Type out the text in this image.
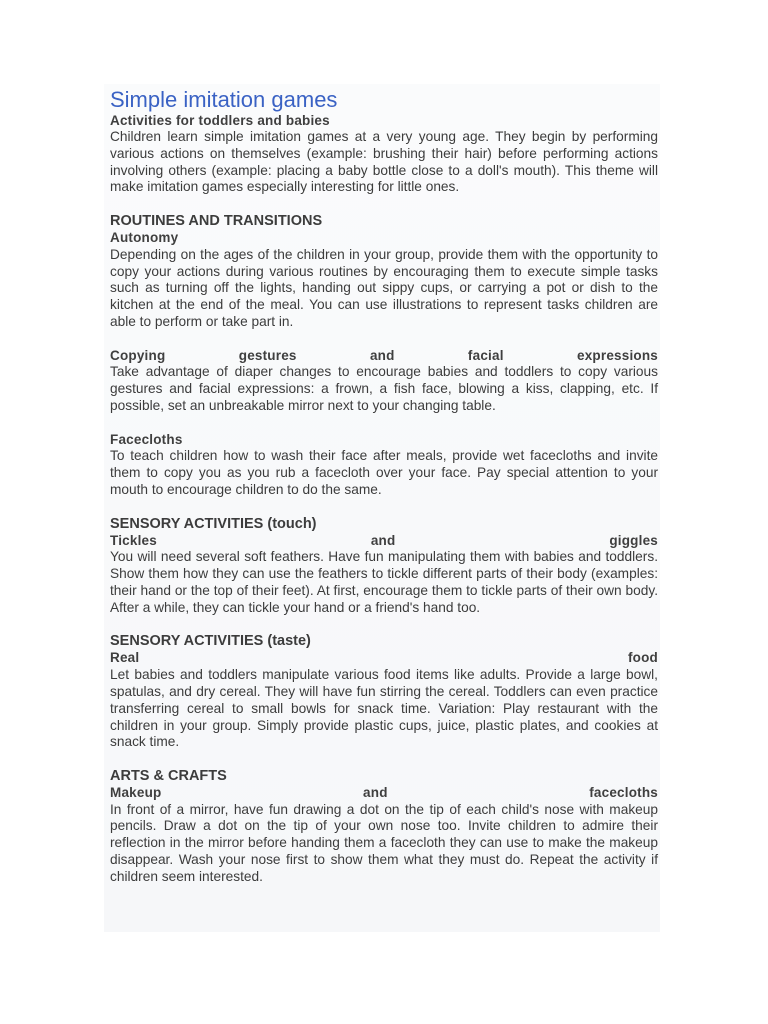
Simple imitation games

Activities for toddlers and babies

Children learn simple imitation games at a very young age. They begin by performing various actions on themselves (example: brushing their hair) before performing actions involving others (example: placing a baby bottle close to a doll's mouth). This theme will make imitation games especially interesting for little ones.

ROUTINES AND TRANSITIONS

Autonomy

Depending on the ages of the children in your group, provide them with the opportunity to copy your actions during various routines by encouraging them to execute simple tasks such as turning off the lights, handing out sippy cups, or carrying a pot or dish to the kitchen at the end of the meal. You can use illustrations to represent tasks children are able to perform or take part in.

Copying gestures and facial expressions

Take advantage of diaper changes to encourage babies and toddlers to copy various gestures and facial expressions: a frown, a fish face, blowing a kiss, clapping, etc. If possible, set an unbreakable mirror next to your changing table.

Facecloths

To teach children how to wash their face after meals, provide wet facecloths and invite them to copy you as you rub a facecloth over your face. Pay special attention to your mouth to encourage children to do the same.

SENSORY ACTIVITIES (touch)

Tickles and giggles

You will need several soft feathers. Have fun manipulating them with babies and toddlers. Show them how they can use the feathers to tickle different parts of their body (examples: their hand or the top of their feet). At first, encourage them to tickle parts of their own body. After a while, they can tickle your hand or a friend's hand too.

SENSORY ACTIVITIES (taste)

Real food

Let babies and toddlers manipulate various food items like adults. Provide a large bowl, spatulas, and dry cereal. They will have fun stirring the cereal. Toddlers can even practice transferring cereal to small bowls for snack time. Variation: Play restaurant with the children in your group. Simply provide plastic cups, juice, plastic plates, and cookies at snack time.

ARTS & CRAFTS

Makeup and facecloths

In front of a mirror, have fun drawing a dot on the tip of each child's nose with makeup pencils. Draw a dot on the tip of your own nose too. Invite children to admire their reflection in the mirror before handing them a facecloth they can use to make the makeup disappear. Wash your nose first to show them what they must do. Repeat the activity if children seem interested.
